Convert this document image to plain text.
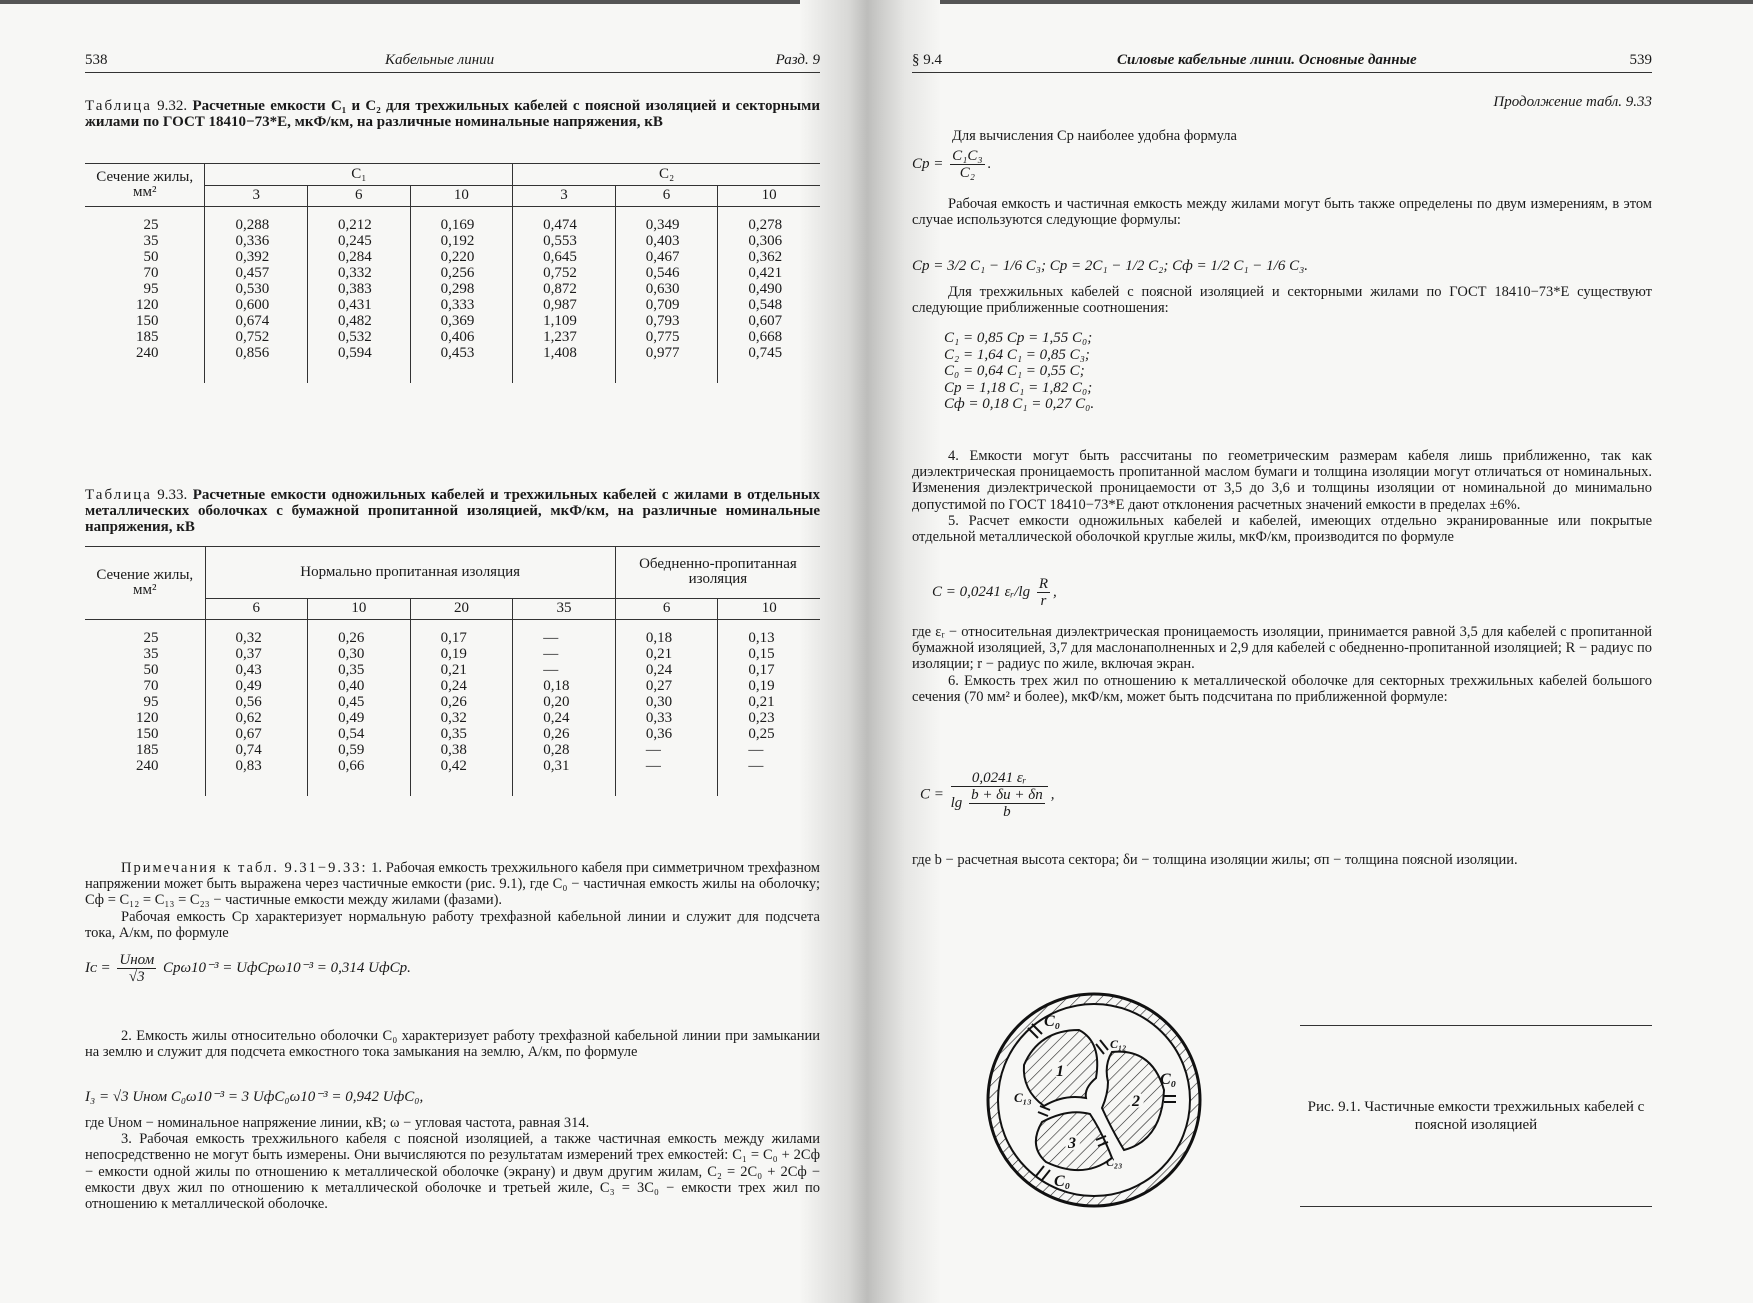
538	Кабельные линии	Разд. 9
Таблица 9.32. Расчетные емкости C₁ и C₂ для трехжильных кабелей с поясной изоляцией и секторными жилами по ГОСТ 18410−73*Е, мкФ/км, на различные номинальные напряжения, кВ
Сечение жилы, мм²	C₁			C₂		
	3	6	10	3	6	10
25	0,288	0,212	0,169	0,474	0,349	0,278
35	0,336	0,245	0,192	0,553	0,403	0,306
50	0,392	0,284	0,220	0,645	0,467	0,362
70	0,457	0,332	0,256	0,752	0,546	0,421
95	0,530	0,383	0,298	0,872	0,630	0,490
120	0,600	0,431	0,333	0,987	0,709	0,548
150	0,674	0,482	0,369	1,109	0,793	0,607
185	0,752	0,532	0,406	1,237	0,775	0,668
240	0,856	0,594	0,453	1,408	0,977	0,745
Таблица 9.33. Расчетные емкости одножильных кабелей и трехжильных кабелей с жилами в отдельных металлических оболочках с бумажной пропитанной изоляцией, мкФ/км, на различные номинальные напряжения, кВ
Сечение жилы, мм²	Нормально пропитанная изоляция				Обедненно-пропитанная изоляция	
	6	10	20	35	6	10
25	0,32	0,26	0,17	—	0,18	0,13
35	0,37	0,30	0,19	—	0,21	0,15
50	0,43	0,35	0,21	—	0,24	0,17
70	0,49	0,40	0,24	0,18	0,27	0,19
95	0,56	0,45	0,26	0,20	0,30	0,21
120	0,62	0,49	0,32	0,24	0,33	0,23
150	0,67	0,54	0,35	0,26	0,36	0,25
185	0,74	0,59	0,38	0,28	—	—
240	0,83	0,66	0,42	0,31	—	—

Примечания к табл. 9.31−9.33: 1. Рабочая емкость трехжильного кабеля при симметричном трехфазном напряжении может быть выражена через частичные емкости (рис. 9.1), где C₀ − частичная емкость жилы на оболочку; Cф = C₁₂ = C₁₃ = C₂₃ − частичные емкости между жилами (фазами).

Рабочая емкость Cр характеризует нормальную работу трехфазной кабельной линии и служит для подсчета тока, А/км, по формуле

Iᴄ = $\frac{\text{Uном}}{√3} Cр\omega 10^{-3}$ = UфCрω10⁻³ = 0,314 UфCр.

2. Емкость жилы относительно оболочки C₀ характеризует работу трехфазной кабельной линии при замыкании на землю и служит для подсчета емкостного тока замыкания на землю, А/км, по формуле

I₃ = √3 Uном C₀ω10⁻³ = 3 UфC₀ω10⁻³ = 0,942 UфC₀,

где Uном − номинальное напряжение линии, кВ; ω − угловая частота, равная 314.

3. Рабочая емкость трехжильного кабеля с поясной изоляцией, а также частичная емкость между жилами непосредственно не могут быть измерены. Они вычисляются по результатам измерений трех емкостей: C₁ = C₀ + 2Cф − емкости одной жилы по отношению к металлической оболочке (экрану) и двум другим жилам, C₂ = 2C₀ + 2Cф − емкости двух жил по отношению к металлической оболочке и третьей жиле, C₃ = 3C₀ − емкости трех жил по отношению к металлической оболочке.

§ 9.4	Силовые кабельные линии. Основные данные	539
Продолжение табл. 9.33
Для вычисления Cр наиболее удобна формула
Cр = $\frac{\text{C₁C₃}}{\text{C₂}}$ .

Рабочая емкость и частичная емкость между жилами могут быть также определены по двум измерениям, в этом случае используются следующие формулы:

Cр = 3/2 C₁ − 1/6 C₃; Cр = 2C₁ − 1/2 C₂; Cф = 1/2 C₁ − 1/6 C₃.

Для трехжильных кабелей с поясной изоляцией и секторными жилами по ГОСТ 18410−73*Е существуют следующие приближенные соотношения:

C₁ = 0,85 Cр = 1,55 C₀;
C₂ = 1,64 C₁ = 0,85 C₃;
C₀ = 0,64 C₁ = 0,55 C;
Cр = 1,18 C₁ = 1,82 C₀;
Cф = 0,18 C₁ = 0,27 C₀.

4. Емкости могут быть рассчитаны по геометрическим размерам кабеля лишь приближенно, так как диэлектрическая проницаемость пропитанной маслом бумаги и толщина изоляции могут отличаться от номинальных. Изменения диэлектрической проницаемости от 3,5 до 3,6 и толщины изоляции от номинальной до минимально допустимой по ГОСТ 18410−73*Е дают отклонения расчетных значений емкости в пределах ±6%.

5. Расчет емкости одножильных кабелей и кабелей, имеющих отдельно экранированные или покрытые отдельной металлической оболочкой круглые жилы, мкФ/км, производится по формуле

C = 0,0241 εᵣ/lg $\frac{R}{r}$ ,

где εᵣ − относительная диэлектрическая проницаемость изоляции, принимается равной 3,5 для кабелей с пропитанной бумажной изоляцией, 3,7 для маслонаполненных и 2,9 для кабелей с обедненно-пропитанной изоляцией; R − радиус по изоляции; r − радиус по жиле, включая экран.

6. Емкость трех жил по отношению к металлической оболочке для секторных трехжильных кабелей большого сечения (70 мм² и более), мкФ/км, может быть подсчитана по приближенной формуле:

$C = \frac{\text{0,0241 εᵣ}}{\lg \frac{b + \delta и + \delta п}{b}}$ ,
где b − расчетная высота сектора; δи − толщина изоляции жилы; σп − толщина поясной изоляции.
1
2
3
C₀
C₀
C₀
C₁₂
C₁₃
C₂₃
Рис. 9.1. Частичные емкости трехжильных кабелей с поясной изоляцией
